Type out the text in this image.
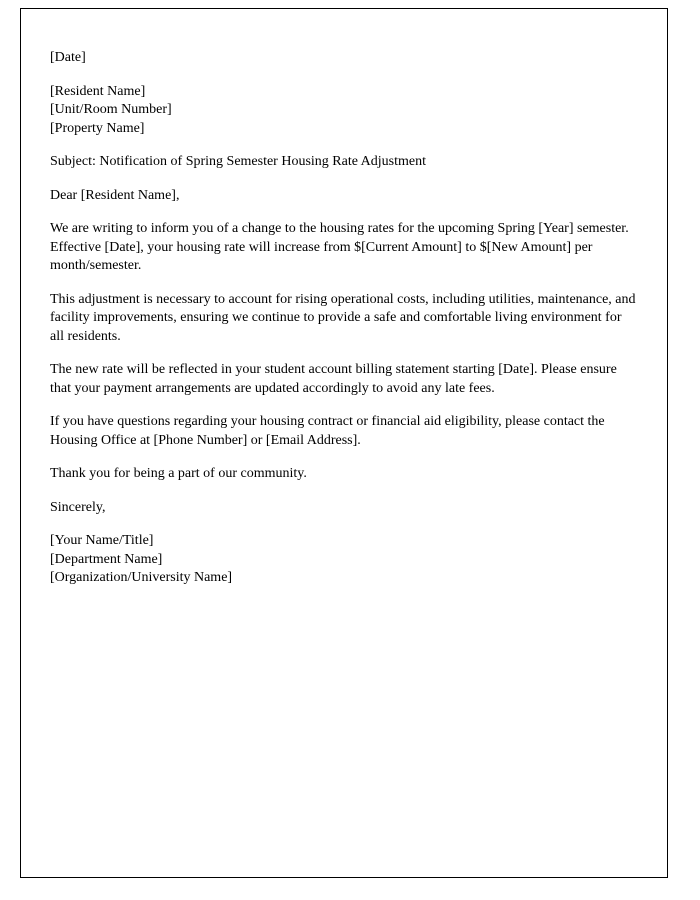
[Date]

[Resident Name]
[Unit/Room Number]
[Property Name]

Subject: Notification of Spring Semester Housing Rate Adjustment

Dear [Resident Name],

We are writing to inform you of a change to the housing rates for the upcoming Spring [Year] semester. Effective [Date], your housing rate will increase from $[Current Amount] to $[New Amount] per month/semester.

This adjustment is necessary to account for rising operational costs, including utilities, maintenance, and facility improvements, ensuring we continue to provide a safe and comfortable living environment for all residents.

The new rate will be reflected in your student account billing statement starting [Date]. Please ensure that your payment arrangements are updated accordingly to avoid any late fees.

If you have questions regarding your housing contract or financial aid eligibility, please contact the Housing Office at [Phone Number] or [Email Address].

Thank you for being a part of our community.

Sincerely,

[Your Name/Title]
[Department Name]
[Organization/University Name]
